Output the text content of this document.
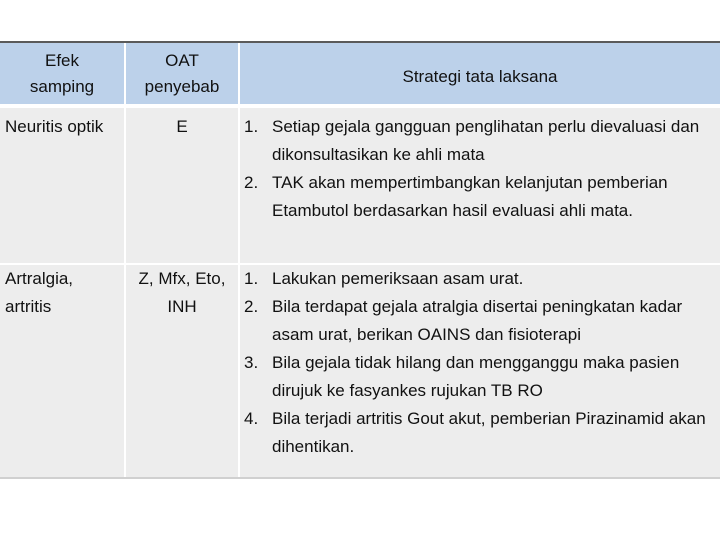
Efek samping
OAT penyebab
Strategi tata laksana
Neuritis optik	E	1. Setiap gejala gangguan penglihatan perlu dievaluasi dan dikonsultasikan ke ahli mata
2. TAK akan mempertimbangkan kelanjutan pemberian Etambutol berdasarkan hasil evaluasi ahli mata.
Artralgia, artritis
Z, Mfx, Eto, INH
1. Lakukan pemeriksaan asam urat.
2. Bila terdapat gejala atralgia disertai peningkatan kadar asam urat, berikan OAINS dan fisioterapi
3. Bila gejala tidak hilang dan mengganggu maka pasien dirujuk ke fasyankes rujukan TB RO
4. Bila terjadi artritis Gout akut, pemberian Pirazinamid akan dihentikan.
